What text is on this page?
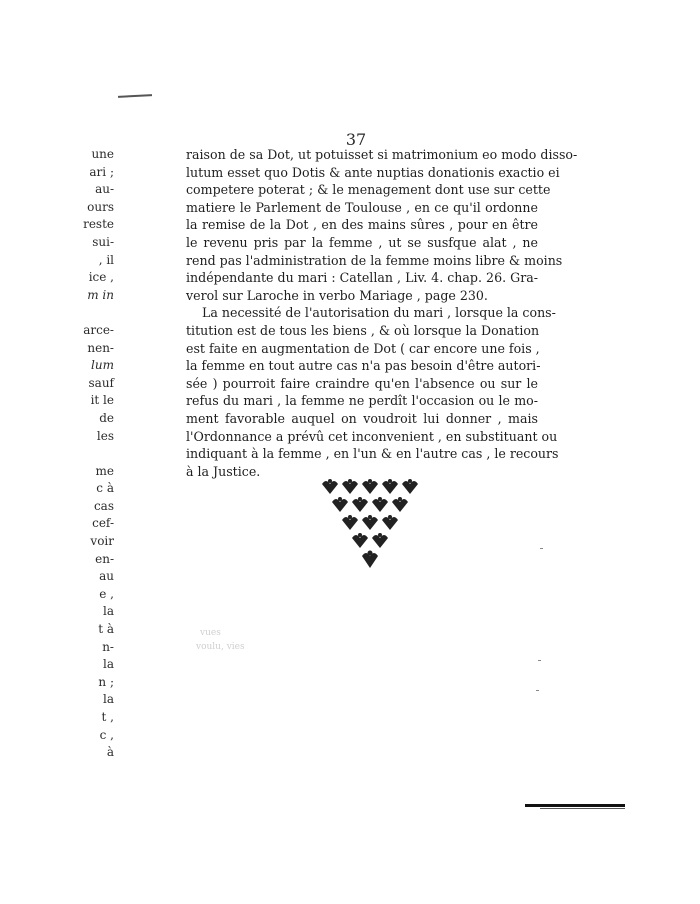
37
une
ari ;
au-
ours
reste
sui-
, il
ice ,
m in
arce-
nen-
lum
sauf
it le
de
les
me
c à
cas
cef-
voir
en-
au
e ,
la
t à
n-
la
n ;
la
t ,
c ,
à
raison de sa Dot, ut potuisset si matrimonium eo modo disso-
lutum esset quo Dotis & ante nuptias donationis exactio ei
competere poterat ; & le menagement dont use sur cette
matiere le Parlement de Toulouse , en ce qu'il ordonne
la remise de la Dot , en des mains sûres , pour en être
le revenu pris par la femme , ut se susfque alat , ne
rend pas l'administration de la femme moins libre & moins
indépendante du mari : Catellan , Liv. 4. chap. 26. Gra-
verol sur Laroche in verbo Mariage , page 230.
La necessité de l'autorisation du mari , lorsque la cons-
titution est de tous les biens , & où lorsque la Donation
est faite en augmentation de Dot ( car encore une fois ,
la femme en tout autre cas n'a pas besoin d'être autori-
sée ) pourroit faire craindre qu'en l'absence ou sur le
refus du mari , la femme ne perdît l'occasion ou le mo-
ment favorable auquel on voudroit lui donner , mais
l'Ordonnance a prévû cet inconvenient , en substituant ou
indiquant à la femme , en l'un & en l'autre cas , le recours
à la Justice.
vues
voulu, vies
